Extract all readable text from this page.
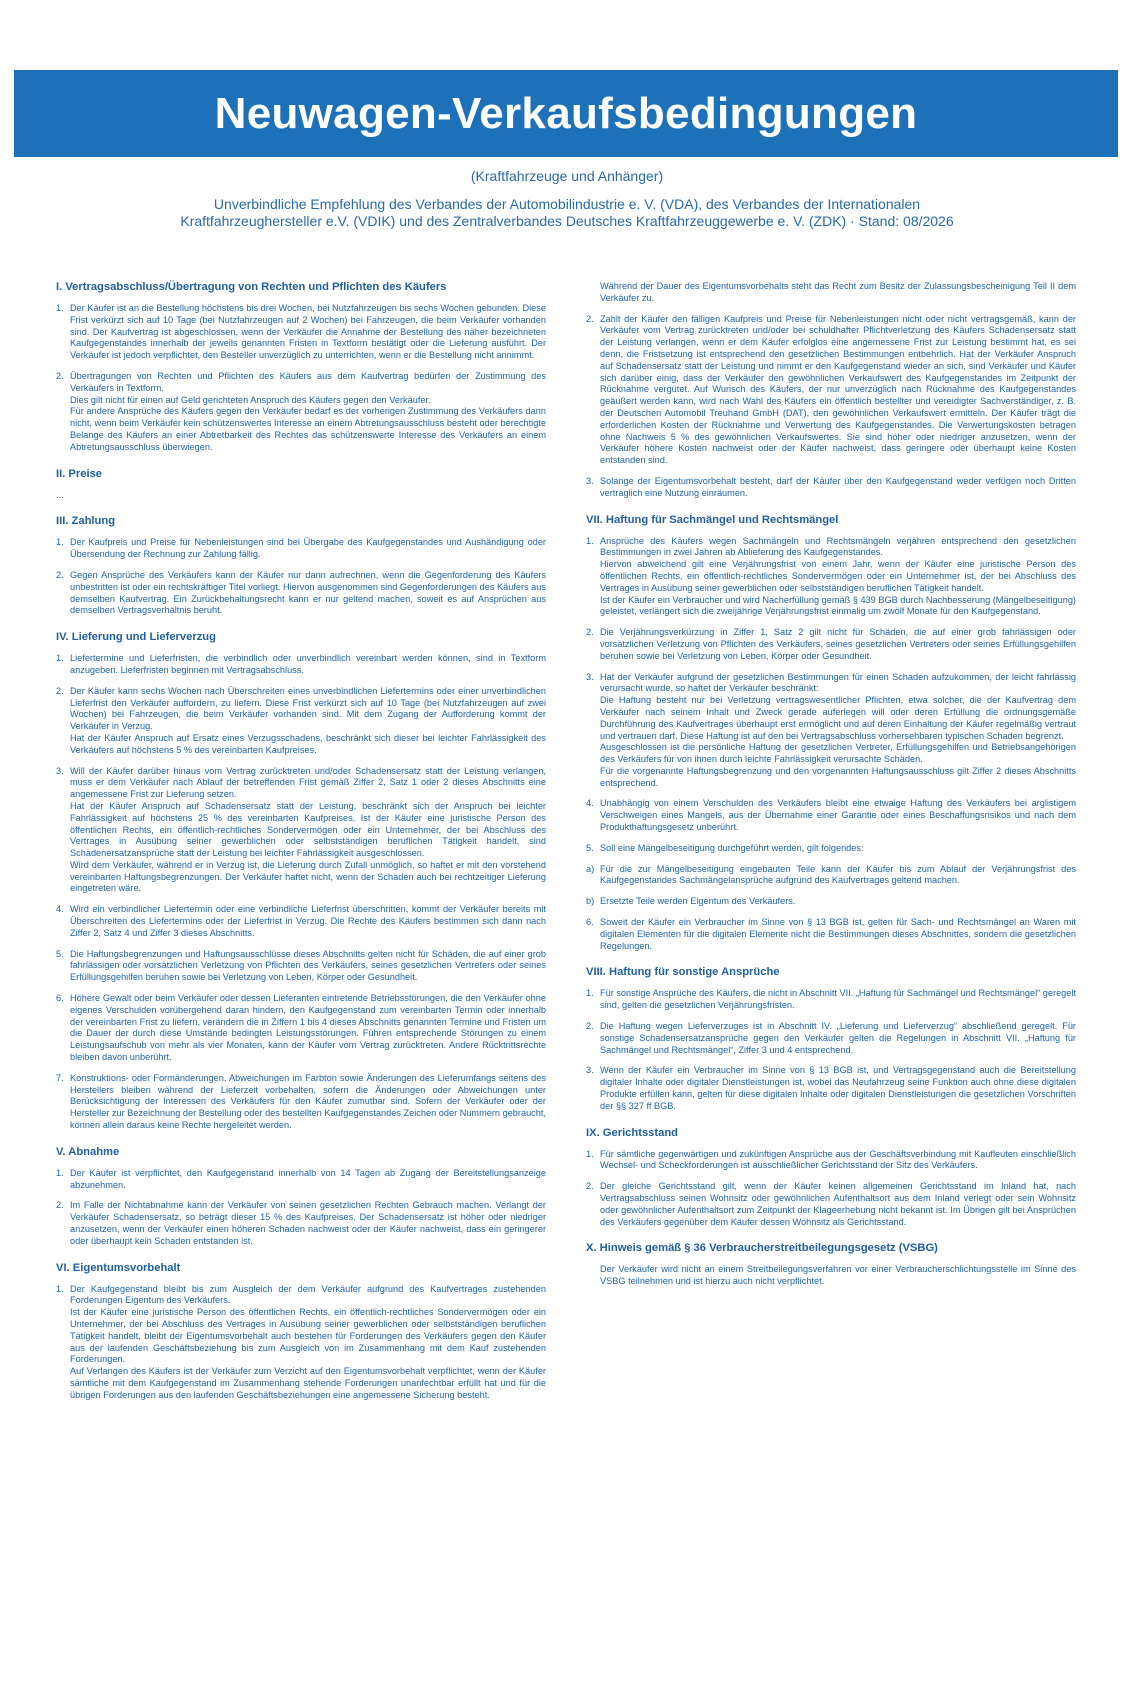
Neuwagen-Verkaufsbedingungen
(Kraftfahrzeuge und Anhänger)
Unverbindliche Empfehlung des Verbandes der Automobilindustrie e. V. (VDA), des Verbandes der Internationalen
Kraftfahrzeughersteller e.V. (VDIK) und des Zentralverbandes Deutsches Kraftfahrzeuggewerbe e. V. (ZDK) · Stand: 08/2026
I. Vertragsabschluss/Übertragung von Rechten und Pflichten des Käufers
1. Der Käufer ist an die Bestellung höchstens bis drei Wochen, bei Nutzfahrzeugen bis sechs Wochen gebunden. Diese Frist verkürzt sich auf 10 Tage (bei Nutzfahrzeugen auf 2 Wochen) bei Fahrzeugen, die beim Verkäufer vorhanden sind. Der Kaufvertrag ist abgeschlossen, wenn der Verkäufer die Annahme der Bestellung des näher bezeichneten Kaufgegenstandes innerhalb der jeweils genannten Fristen in Textform bestätigt oder die Lieferung ausführt. Der Verkäufer ist jedoch verpflichtet, den Besteller unverzüglich zu unterrichten, wenn er die Bestellung nicht annimmt.
2. Übertragungen von Rechten und Pflichten des Käufers aus dem Kaufvertrag bedürfen der Zustimmung des Verkäufers in Textform.
Dies gilt nicht für einen auf Geld gerichteten Anspruch des Käufers gegen den Verkäufer.
Für andere Ansprüche des Käufers gegen den Verkäufer bedarf es der vorherigen Zustimmung des Verkäufers dann nicht, wenn beim Verkäufer kein schützenswertes Interesse an einem Abtretungsausschluss besteht oder berechtigte Belange des Käufers an einer Abtretbarkeit des Rechtes das schützenswerte Interesse des Verkäufers an einem Abtretungsausschluss überwiegen.
II. Preise
...
III. Zahlung
1. Der Kaufpreis und Preise für Nebenleistungen sind bei Übergabe des Kaufgegenstandes und Aushändigung oder Übersendung der Rechnung zur Zahlung fällig.
2. Gegen Ansprüche des Verkäufers kann der Käufer nur dann aufrechnen, wenn die Gegenforderung des Käufers unbestritten ist oder ein rechtskräftiger Titel vorliegt. Hiervon ausgenommen sind Gegenforderungen des Käufers aus demselben Kaufvertrag. Ein Zurückbehaltungsrecht kann er nur geltend machen, soweit es auf Ansprüchen aus demselben Vertragsverhältnis beruht.
IV. Lieferung und Lieferverzug
1. Liefertermine und Lieferfristen, die verbindlich oder unverbindlich vereinbart werden können, sind in Textform anzugeben. Lieferfristen beginnen mit Vertragsabschluss.
2. Der Käufer kann sechs Wochen nach Überschreiten eines unverbindlichen Liefertermins oder einer unverbindlichen Lieferfrist den Verkäufer auffordern, zu liefern. Diese Frist verkürzt sich auf 10 Tage (bei Nutzfahrzeugen auf zwei Wochen) bei Fahrzeugen, die beim Verkäufer vorhanden sind. Mit dem Zugang der Aufforderung kommt der Verkäufer in Verzug.
Hat der Käufer Anspruch auf Ersatz eines Verzugsschadens, beschränkt sich dieser bei leichter Fahrlässigkeit des Verkäufers auf höchstens 5 % des vereinbarten Kaufpreises.
3. Will der Käufer darüber hinaus vom Vertrag zurücktreten und/oder Schadensersatz statt der Leistung verlangen, muss er dem Verkäufer nach Ablauf der betreffenden Frist gemäß Ziffer 2, Satz 1 oder 2 dieses Abschnitts eine angemessene Frist zur Lieferung setzen.
Hat der Käufer Anspruch auf Schadensersatz statt der Leistung, beschränkt sich der Anspruch bei leichter Fahrlässigkeit auf höchstens 25 % des vereinbarten Kaufpreises. Ist der Käufer eine juristische Person des öffentlichen Rechts, ein öffentlich-rechtliches Sondervermögen oder ein Unternehmer, der bei Abschluss des Vertrages in Ausübung seiner gewerblichen oder selbstständigen beruflichen Tätigkeit handelt, sind Schadenersatzansprüche statt der Leistung bei leichter Fahrlässigkeit ausgeschlossen.
Wird dem Verkäufer, während er in Verzug ist, die Lieferung durch Zufall unmöglich, so haftet er mit den vorstehend vereinbarten Haftungsbegrenzungen. Der Verkäufer haftet nicht, wenn der Schaden auch bei rechtzeitiger Lieferung eingetreten wäre.
4. Wird ein verbindlicher Liefertermin oder eine verbindliche Lieferfrist überschritten, kommt der Verkäufer bereits mit Überschreiten des Liefertermins oder der Lieferfrist in Verzug. Die Rechte des Käufers bestimmen sich dann nach Ziffer 2, Satz 4 und Ziffer 3 dieses Abschnitts.
5. Die Haftungsbegrenzungen und Haftungsausschlüsse dieses Abschnitts gelten nicht für Schäden, die auf einer grob fahrlässigen oder vorsätzlichen Verletzung von Pflichten des Verkäufers, seines gesetzlichen Vertreters oder seines Erfüllungsgehilfen beruhen sowie bei Verletzung von Leben, Körper oder Gesundheit.
6. Höhere Gewalt oder beim Verkäufer oder dessen Lieferanten eintretende Betriebsstörungen, die den Verkäufer ohne eigenes Verschulden vorübergehend daran hindern, den Kaufgegenstand zum vereinbarten Termin oder innerhalb der vereinbarten Frist zu liefern, verändern die in Ziffern 1 bis 4 dieses Abschnitts genannten Termine und Fristen um die Dauer der durch diese Umstände bedingten Leistungsstörungen. Führen entsprechende Störungen zu einem Leistungsaufschub von mehr als vier Monaten, kann der Käufer vom Vertrag zurücktreten. Andere Rücktrittsrechte bleiben davon unberührt.
7. Konstruktions- oder Formänderungen, Abweichungen im Farbton sowie Änderungen des Lieferumfangs seitens des Herstellers bleiben während der Lieferzeit vorbehalten, sofern die Änderungen oder Abweichungen unter Berücksichtigung der Interessen des Verkäufers für den Käufer zumutbar sind. Sofern der Verkäufer oder der Hersteller zur Bezeichnung der Bestellung oder des bestellten Kaufgegenstandes Zeichen oder Nummern gebraucht, können allein daraus keine Rechte hergeleitet werden.
V. Abnahme
1. Der Käufer ist verpflichtet, den Kaufgegenstand innerhalb von 14 Tagen ab Zugang der Bereitstellungsanzeige abzunehmen.
2. Im Falle der Nichtabnahme kann der Verkäufer von seinen gesetzlichen Rechten Gebrauch machen. Verlangt der Verkäufer Schadensersatz, so beträgt dieser 15 % des Kaufpreises. Der Schadensersatz ist höher oder niedriger anzusetzen, wenn der Verkäufer einen höheren Schaden nachweist oder der Käufer nachweist, dass ein geringerer oder überhaupt kein Schaden entstanden ist.
VI. Eigentumsvorbehalt
1. Der Kaufgegenstand bleibt bis zum Ausgleich der dem Verkäufer aufgrund des Kaufvertrages zustehenden Forderungen Eigentum des Verkäufers.
Ist der Käufer eine juristische Person des öffentlichen Rechts, ein öffentlich-rechtliches Sondervermögen oder ein Unternehmer, der bei Abschluss des Vertrages in Ausübung seiner gewerblichen oder selbstständigen beruflichen Tätigkeit handelt, bleibt der Eigentumsvorbehalt auch bestehen für Forderungen des Verkäufers gegen den Käufer aus der laufenden Geschäftsbeziehung bis zum Ausgleich von im Zusammenhang mit dem Kauf zustehenden Forderungen.
Auf Verlangen des Käufers ist der Verkäufer zum Verzicht auf den Eigentumsvorbehalt verpflichtet, wenn der Käufer sämtliche mit dem Kaufgegenstand im Zusammenhang stehende Forderungen unanfechtbar erfüllt hat und für die übrigen Forderungen aus den laufenden Geschäftsbeziehungen eine angemessene Sicherung besteht.
Während der Dauer des Eigentumsvorbehalts steht das Recht zum Besitz der Zulassungsbescheinigung Teil II dem Verkäufer zu.
2. Zahlt der Käufer den fälligen Kaufpreis und Preise für Nebenleistungen nicht oder nicht vertragsgemäß, kann der Verkäufer vom Vertrag zurücktreten und/oder bei schuldhafter Pflichtverletzung des Käufers Schadensersatz statt der Leistung verlangen, wenn er dem Käufer erfolglos eine angemessene Frist zur Leistung bestimmt hat, es sei denn, die Fristsetzung ist entsprechend den gesetzlichen Bestimmungen entbehrlich. Hat der Verkäufer Anspruch auf Schadensersatz statt der Leistung und nimmt er den Kaufgegenstand wieder an sich, sind Verkäufer und Käufer sich darüber einig, dass der Verkäufer den gewöhnlichen Verkaufswert des Kaufgegenstandes im Zeitpunkt der Rücknahme vergütet. Auf Wunsch des Käufers, der nur unverzüglich nach Rücknahme des Kaufgegenstandes geäußert werden kann, wird nach Wahl des Käufers ein öffentlich bestellter und vereidigter Sachverständiger, z. B. der Deutschen Automobil Treuhand GmbH (DAT), den gewöhnlichen Verkaufswert ermitteln. Der Käufer trägt die erforderlichen Kosten der Rücknahme und Verwertung des Kaufgegenstandes. Die Verwertungskosten betragen ohne Nachweis 5 % des gewöhnlichen Verkaufswertes. Sie sind höher oder niedriger anzusetzen, wenn der Verkäufer höhere Kosten nachweist oder der Käufer nachweist, dass geringere oder überhaupt keine Kosten entstanden sind.
3. Solange der Eigentumsvorbehalt besteht, darf der Käufer über den Kaufgegenstand weder verfügen noch Dritten vertraglich eine Nutzung einräumen.
VII. Haftung für Sachmängel und Rechtsmängel
1. Ansprüche des Käufers wegen Sachmängeln und Rechtsmängeln verjähren entsprechend den gesetzlichen Bestimmungen in zwei Jahren ab Ablieferung des Kaufgegenstandes.
Hiervon abweichend gilt eine Verjährungsfrist von einem Jahr, wenn der Käufer eine juristische Person des öffentlichen Rechts, ein öffentlich-rechtliches Sondervermögen oder ein Unternehmer ist, der bei Abschluss des Vertrages in Ausübung seiner gewerblichen oder selbstständigen beruflichen Tätigkeit handelt.
Ist der Käufer ein Verbraucher und wird Nacherfüllung gemäß § 439 BGB durch Nachbesserung (Mängelbeseitigung) geleistet, verlängert sich die zweijährige Verjährungsfrist einmalig um zwölf Monate für den Kaufgegenstand.
2. Die Verjährungsverkürzung in Ziffer 1, Satz 2 gilt nicht für Schäden, die auf einer grob fahrlässigen oder vorsätzlichen Verletzung von Pflichten des Verkäufers, seines gesetzlichen Vertreters oder seines Erfüllungsgehilfen beruhen sowie bei Verletzung von Leben, Körper oder Gesundheit.
3. Hat der Verkäufer aufgrund der gesetzlichen Bestimmungen für einen Schaden aufzukommen, der leicht fahrlässig verursacht wurde, so haftet der Verkäufer beschränkt:
Die Haftung besteht nur bei Verletzung vertragswesentlicher Pflichten, etwa solcher, die der Kaufvertrag dem Verkäufer nach seinem Inhalt und Zweck gerade auferlegen will oder deren Erfüllung die ordnungsgemäße Durchführung des Kaufvertrages überhaupt erst ermöglicht und auf deren Einhaltung der Käufer regelmäßig vertraut und vertrauen darf. Diese Haftung ist auf den bei Vertragsabschluss vorhersehbaren typischen Schaden begrenzt.
Ausgeschlossen ist die persönliche Haftung der gesetzlichen Vertreter, Erfüllungsgehilfen und Betriebsangehörigen des Verkäufers für von ihnen durch leichte Fahrlässigkeit verursachte Schäden.
Für die vorgenannte Haftungsbegrenzung und den vorgenannten Haftungsausschluss gilt Ziffer 2 dieses Abschnitts entsprechend.
4. Unabhängig von einem Verschulden des Verkäufers bleibt eine etwaige Haftung des Verkäufers bei arglistigem Verschweigen eines Mangels, aus der Übernahme einer Garantie oder eines Beschaffungsrisikos und nach dem Produkthaftungsgesetz unberührt.
5. Soll eine Mängelbeseitigung durchgeführt werden, gilt folgendes:
a) Für die zur Mängelbeseitigung eingebauten Teile kann der Käufer bis zum Ablauf der Verjährungsfrist des Kaufgegenstandes Sachmängelansprüche aufgrund des Kaufvertrages geltend machen.
b) Ersetzte Teile werden Eigentum des Verkäufers.
6. Soweit der Käufer ein Verbraucher im Sinne von § 13 BGB ist, gelten für Sach- und Rechtsmängel an Waren mit digitalen Elementen für die digitalen Elemente nicht die Bestimmungen dieses Abschnittes, sondern die gesetzlichen Regelungen.
VIII. Haftung für sonstige Ansprüche
1. Für sonstige Ansprüche des Käufers, die nicht in Abschnitt VII. „Haftung für Sachmängel und Rechtsmängel“ geregelt sind, gelten die gesetzlichen Verjährungsfristen.
2. Die Haftung wegen Lieferverzuges ist in Abschnitt IV. „Lieferung und Lieferverzug“ abschließend geregelt. Für sonstige Schadensersatzansprüche gegen den Verkäufer gelten die Regelungen in Abschnitt VII. „Haftung für Sachmängel und Rechtsmängel“, Ziffer 3 und 4 entsprechend.
3. Wenn der Käufer ein Verbraucher im Sinne von § 13 BGB ist, und Vertragsgegenstand auch die Bereitstellung digitaler Inhalte oder digitaler Dienstleistungen ist, wobei das Neufahrzeug seine Funktion auch ohne diese digitalen Produkte erfüllen kann, gelten für diese digitalen Inhalte oder digitalen Dienstleistungen die gesetzlichen Vorschriften der §§ 327 ff BGB.
IX. Gerichtsstand
1. Für sämtliche gegenwärtigen und zukünftigen Ansprüche aus der Geschäftsverbindung mit Kaufleuten einschließlich Wechsel- und Scheckforderungen ist ausschließlicher Gerichtsstand der Sitz des Verkäufers.
2. Der gleiche Gerichtsstand gilt, wenn der Käufer keinen allgemeinen Gerichtsstand im Inland hat, nach Vertragsabschluss seinen Wohnsitz oder gewöhnlichen Aufenthaltsort aus dem Inland verlegt oder sein Wohnsitz oder gewöhnlicher Aufenthaltsort zum Zeitpunkt der Klageerhebung nicht bekannt ist. Im Übrigen gilt bei Ansprüchen des Verkäufers gegenüber dem Käufer dessen Wohnsitz als Gerichtsstand.
X. Hinweis gemäß § 36 Verbraucherstreitbeilegungsgesetz (VSBG)
Der Verkäufer wird nicht an einem Streitbeilegungsverfahren vor einer Verbraucherschlichtungsstelle im Sinne des VSBG teilnehmen und ist hierzu auch nicht verpflichtet.
